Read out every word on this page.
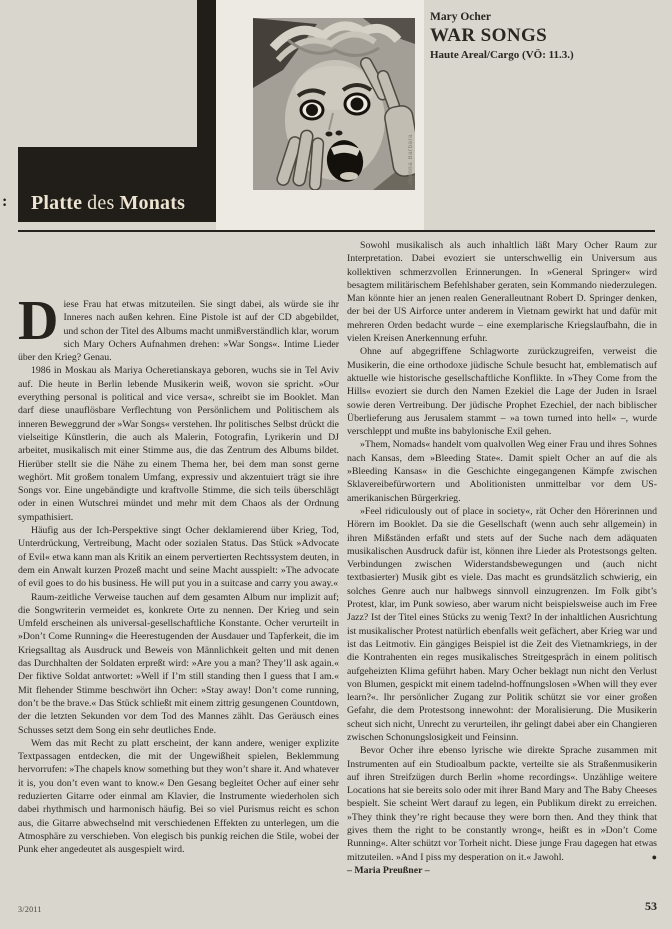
: Platte des Monats
Joanna Barbara
Mary Ocher
WAR SONGS
Haute Areal/Cargo (VÖ: 11.3.)

Diese Frau hat etwas mitzuteilen. Sie singt dabei, als würde sie ihr Inneres nach außen kehren. Eine Pistole ist auf der CD abgebildet, und schon der Titel des Albums macht unmißverständlich klar, worum sich Mary Ochers Aufnahmen drehen: »War Songs«. Intime Lieder über den Krieg? Genau.

1986 in Moskau als Mariya Ocheretianskaya geboren, wuchs sie in Tel Aviv auf. Die heute in Berlin lebende Musikerin weiß, wovon sie spricht. »Our everything personal is political and vice versa«, schreibt sie im Booklet. Man darf diese unauflösbare Verflechtung von Persönlichem und Politischem als inneren Beweggrund der »War Songs« verstehen. Ihr politisches Selbst drückt die vielseitige Künstlerin, die auch als Malerin, Fotografin, Lyrikerin und DJ arbeitet, musikalisch mit einer Stimme aus, die das Zentrum des Albums bildet. Hierüber stellt sie die Nähe zu einem Thema her, bei dem man sonst gerne weghört. Mit großem tonalem Umfang, expressiv und akzentuiert trägt sie ihre Songs vor. Eine ungebändigte und kraftvolle Stimme, die sich teils überschlägt oder in einen Wutschrei mündet und mehr mit dem Chaos als der Ordnung sympathisiert.

Häufig aus der Ich-Perspektive singt Ocher deklamierend über Krieg, Tod, Unterdrückung, Vertreibung, Macht oder sozialen Status. Das Stück »Advocate of Evil« etwa kann man als Kritik an einem pervertierten Rechtssystem deuten, in dem ein Anwalt kurzen Prozeß macht und seine Macht ausspielt: »The advocate of evil goes to do his business. He will put you in a suitcase and carry you away.«

Raum-zeitliche Verweise tauchen auf dem gesamten Album nur implizit auf; die Songwriterin vermeidet es, konkrete Orte zu nennen. Der Krieg und sein Umfeld erscheinen als universal-gesellschaftliche Konstante. Ocher verurteilt in »Don’t Come Running« die Heerestugenden der Ausdauer und Tapferkeit, die im Kriegsalltag als Ausdruck und Beweis von Männlichkeit gelten und mit denen das Durchhalten der Soldaten erpreßt wird: »Are you a man? They’ll ask again.« Der fiktive Soldat antwortet: »Well if I’m still standing then I guess that I am.« Mit flehender Stimme beschwört ihn Ocher: »Stay away! Don’t come running, don’t be the brave.« Das Stück schließt mit einem zittrig gesungenen Countdown, der die letzten Sekunden vor dem Tod des Mannes zählt. Das Geräusch eines Schusses setzt dem Song ein sehr deutliches Ende.

Wem das mit Recht zu platt erscheint, der kann andere, weniger explizite Textpassagen entdecken, die mit der Ungewißheit spielen, Beklemmung hervorrufen: »The chapels know something but they won’t share it. And whatever it is, you don’t even want to know.« Den Gesang begleitet Ocher auf einer sehr reduzierten Gitarre oder einmal am Klavier, die Instrumente wiederholen sich dabei rhythmisch und harmonisch häufig. Bei so viel Purismus reicht es schon aus, die Gitarre abwechselnd mit verschiedenen Effekten zu unterlegen, um die Atmosphäre zu verschieben. Von elegisch bis punkig reichen die Stile, wobei der Punk eher angedeutet als ausgespielt wird.

Sowohl musikalisch als auch inhaltlich läßt Mary Ocher Raum zur Interpretation. Dabei evoziert sie unterschwellig ein Universum aus kollektiven schmerzvollen Erinnerungen. In »General Springer« wird besagtem militärischem Befehlshaber geraten, sein Kommando niederzulegen. Man könnte hier an jenen realen Generalleutnant Robert D. Springer denken, der bei der US Airforce unter anderem in Vietnam gewirkt hat und dafür mit mehreren Orden bedacht wurde – eine exemplarische Kriegslaufbahn, die in vielen Kreisen Anerkennung erfuhr.

Ohne auf abgegriffene Schlagworte zurückzugreifen, verweist die Musikerin, die eine orthodoxe jüdische Schule besucht hat, emblematisch auf aktuelle wie historische gesellschaftliche Konflikte. In »They Come from the Hills« evoziert sie durch den Namen Ezekiel die Lage der Juden in Israel sowie deren Vertreibung. Der jüdische Prophet Ezechiel, der nach biblischer Überlieferung aus Jerusalem stammt – »a town turned into hell« –, wurde verschleppt und mußte ins babylonische Exil gehen.

»Them, Nomads« handelt vom qualvollen Weg einer Frau und ihres Sohnes nach Kansas, dem »Bleeding State«. Damit spielt Ocher an auf die als »Bleeding Kansas« in die Geschichte eingegangenen Kämpfe zwischen Sklavereibefürwortern und Abolitionisten unmittelbar vor dem US-amerikanischen Bürgerkrieg.

»Feel ridiculously out of place in society«, rät Ocher den Hörerinnen und Hörern im Booklet. Da sie die Gesellschaft (wenn auch sehr allgemein) in ihren Mißständen erfaßt und stets auf der Suche nach dem adäquaten musikalischen Ausdruck dafür ist, können ihre Lieder als Protestsongs gelten. Verbindungen zwischen Widerstandsbewegungen und (auch nicht textbasierter) Musik gibt es viele. Das macht es grundsätzlich schwierig, ein solches Genre auch nur halbwegs sinnvoll einzugrenzen. Im Folk gibt’s Protest, klar, im Punk sowieso, aber warum nicht beispielsweise auch im Free Jazz? Ist der Titel eines Stücks zu wenig Text? In der inhaltlichen Ausrichtung ist musikalischer Protest natürlich ebenfalls weit gefächert, aber Krieg war und ist das Leitmotiv. Ein gängiges Beispiel ist die Zeit des Vietnamkriegs, in der die Kontrahenten ein reges musikalisches Streitgespräch in einem politisch aufgeheizten Klima geführt haben. Mary Ocher beklagt nun nicht den Verlust von Blumen, gespickt mit einem tadelnd-hoffnungslosen »When will they ever learn?«. Ihr persönlicher Zugang zur Politik schützt sie vor einer großen Gefahr, die dem Protestsong innewohnt: der Moralisierung. Die Musikerin scheut sich nicht, Unrecht zu verurteilen, ihr gelingt dabei aber ein Changieren zwischen Schonungslosigkeit und Feinsinn.

Bevor Ocher ihre ebenso lyrische wie direkte Sprache zusammen mit Instrumenten auf ein Studioalbum packte, verteilte sie als Straßenmusikerin auf ihren Streifzügen durch Berlin »home recordings«. Unzählige weitere Locations hat sie bereits solo oder mit ihrer Band Mary and The Baby Cheeses bespielt. Sie scheint Wert darauf zu legen, ein Publikum direkt zu erreichen. »They think they’re right because they were born then. And they think that gives them the right to be constantly wrong«, heißt es in »Don’t Come Running«. Alter schützt vor Torheit nicht. Diese junge Frau dagegen hat etwas mitzuteilen. »And I piss my desperation on it.« Jawohl.	●

– Maria Preußner –

3/2011	53
